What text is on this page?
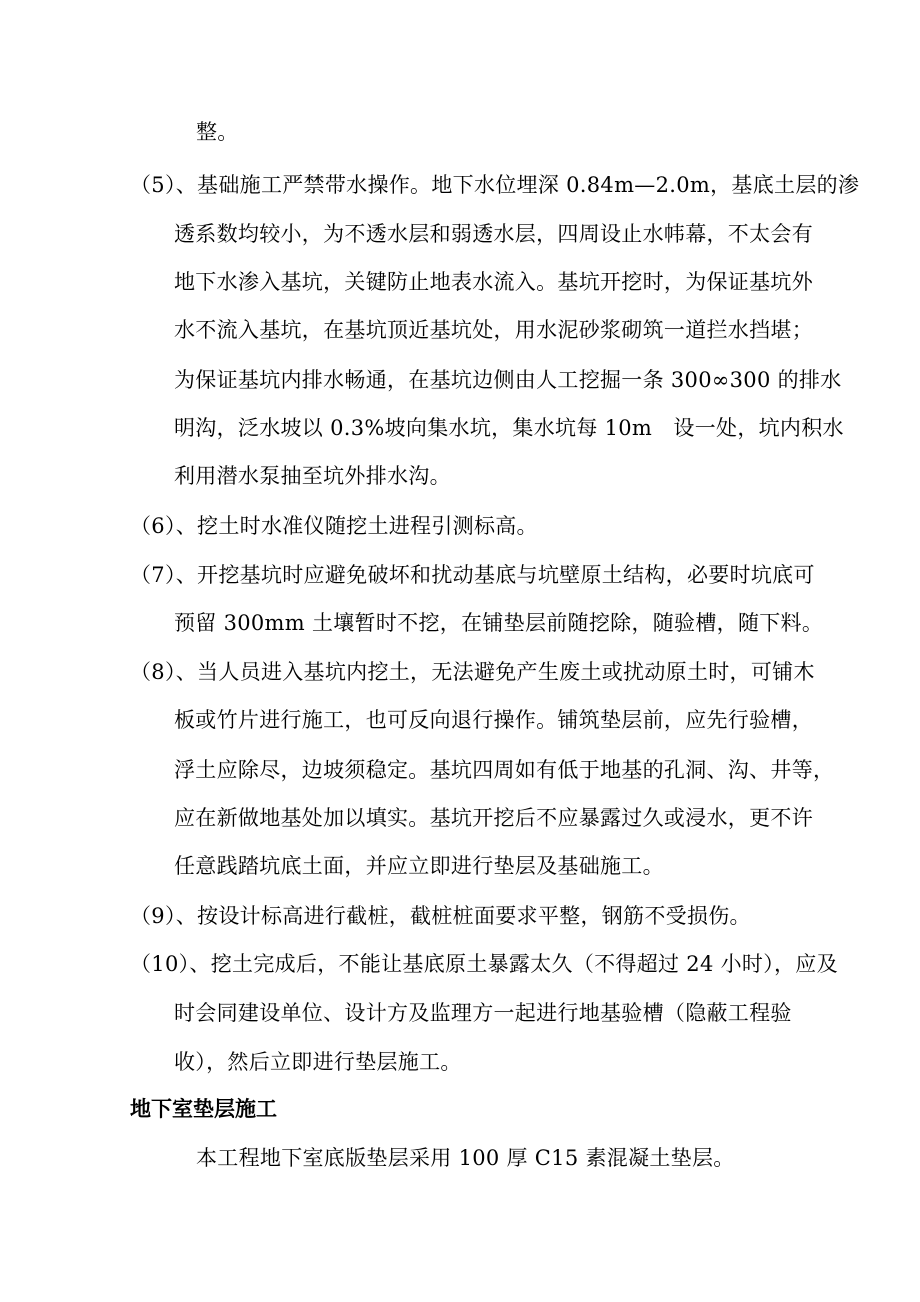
整。
（5）、基础施工严禁带水操作。地下水位埋深 0.84m—2.0m，基底土层的渗
透系数均较小，为不透水层和弱透水层，四周设止水帏幕，不太会有
地下水渗入基坑，关键防止地表水流入。基坑开挖时，为保证基坑外
水不流入基坑，在基坑顶近基坑处，用水泥砂浆砌筑一道拦水挡堪；
为保证基坑内排水畅通，在基坑边侧由人工挖掘一条 300∞300 的排水
明沟，泛水坡以 0.3%坡向集水坑，集水坑每 10m　设一处，坑内积水
利用潜水泵抽至坑外排水沟。
（6）、挖土时水准仪随挖土进程引测标高。
（7）、开挖基坑时应避免破坏和扰动基底与坑壁原土结构，必要时坑底可
预留 300mm 土壤暂时不挖，在铺垫层前随挖除，随验槽，随下料。
（8）、当人员进入基坑内挖土，无法避免产生废土或扰动原土时，可铺木
板或竹片进行施工，也可反向退行操作。铺筑垫层前，应先行验槽，
浮土应除尽，边坡须稳定。基坑四周如有低于地基的孔洞、沟、井等，
应在新做地基处加以填实。基坑开挖后不应暴露过久或浸水，更不许
任意践踏坑底土面，并应立即进行垫层及基础施工。
（9）、按设计标高进行截桩，截桩桩面要求平整，钢筋不受损伤。
（10）、挖土完成后，不能让基底原土暴露太久（不得超过 24 小时），应及
时会同建设单位、设计方及监理方一起进行地基验槽（隐蔽工程验
收），然后立即进行垫层施工。
地下室垫层施工
本工程地下室底版垫层采用 100 厚 C15 素混凝土垫层。
